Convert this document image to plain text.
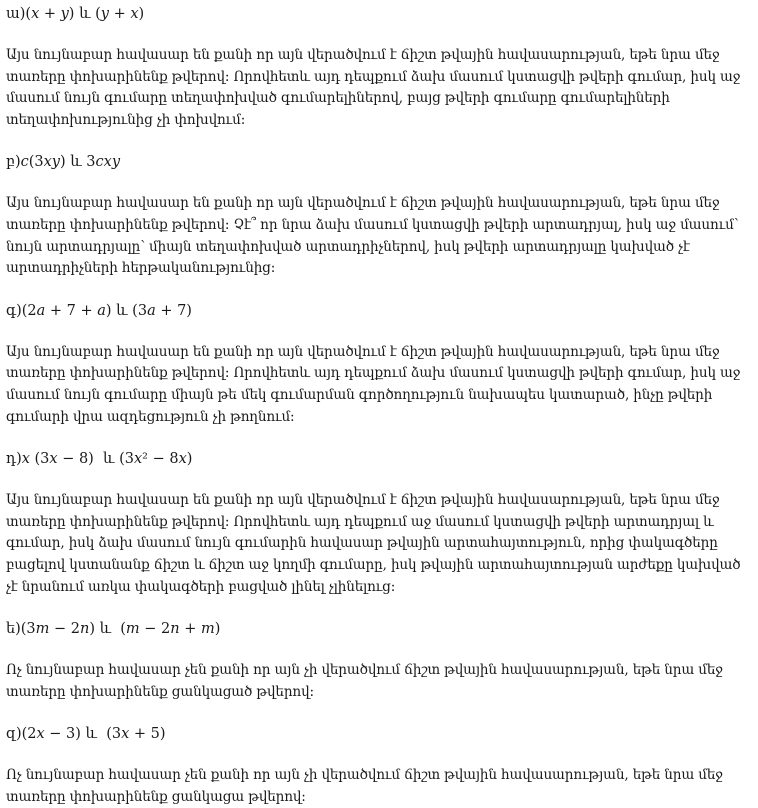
ա)(𝑥 + 𝑦) և (𝑦 + 𝑥)

Այս նույնաբար հավասար են քանի որ այն վերածվում է ճիշտ թվային հավասարության, եթե նրա մեջ տառերը փոխարինենք թվերով: Որովհետև այդ դեպքում ձախ մասում կստացվի թվերի գումար, իսկ աջ մասում նույն գումարը տեղափոխված գումարելիներով, բայց թվերի գումարը գումարելիների տեղափոխությունից չի փոխվում:

բ)𝑐(3𝑥𝑦) և 3𝑐𝑥𝑦

Այս նույնաբար հավասար են քանի որ այն վերածվում է ճիշտ թվային հավասարության, եթե նրա մեջ տառերը փոխարինենք թվերով: Չէ՞ որ նրա ձախ մասում կստացվի թվերի արտադրյալ, իսկ աջ մասում՝ նույն արտադրյալը՝ միայն տեղափոխված արտադրիչներով, իսկ թվերի արտադրյալը կախված չէ արտադրիչների հերթականությունից:

գ)(2𝑎 + 7 + 𝑎) և (3𝑎 + 7)

Այս նույնաբար հավասար են քանի որ այն վերածվում է ճիշտ թվային հավասարության, եթե նրա մեջ տառերը փոխարինենք թվերով: Որովհետև այդ դեպքում ձախ մասում կստացվի թվերի գումար, իսկ աջ մասում նույն գումարը միայն թե մեկ գումարման գործողություն նախապես կատարած, ինչը թվերի գումարի վրա ազդեցություն չի թողնում:

դ)𝑥 (3𝑥 − 8)  և (3𝑥² − 8𝑥)

Այս նույնաբար հավասար են քանի որ այն վերածվում է ճիշտ թվային հավասարության, եթե նրա մեջ տառերը փոխարինենք թվերով: Որովհետև այդ դեպքում աջ մասում կստացվի թվերի արտադրյալ և գումար, իսկ ձախ մասում նույն գումարին հավասար թվային արտահայտություն, որից փակագծերը բացելով կստանանք ճիշտ և ճիշտ աջ կողմի գումարը, իսկ թվային արտահայտության արժեքը կախված չէ նրանում առկա փակագծերի բացված լինել չլինելուց:

ե)(3𝑚 − 2𝑛) և  (𝑚 − 2𝑛 + 𝑚)

Ոչ նույնաբար հավասար չեն քանի որ այն չի վերածվում ճիշտ թվային հավասարության, եթե նրա մեջ տառերը փոխարինենք ցանկացած թվերով:

զ)(2𝑥 − 3) և  (3𝑥 + 5)

Ոչ նույնաբար հավասար չեն քանի որ այն չի վերածվում ճիշտ թվային հավասարության, եթե նրա մեջ տառերը փոխարինենք ցանկացա թվերով:
